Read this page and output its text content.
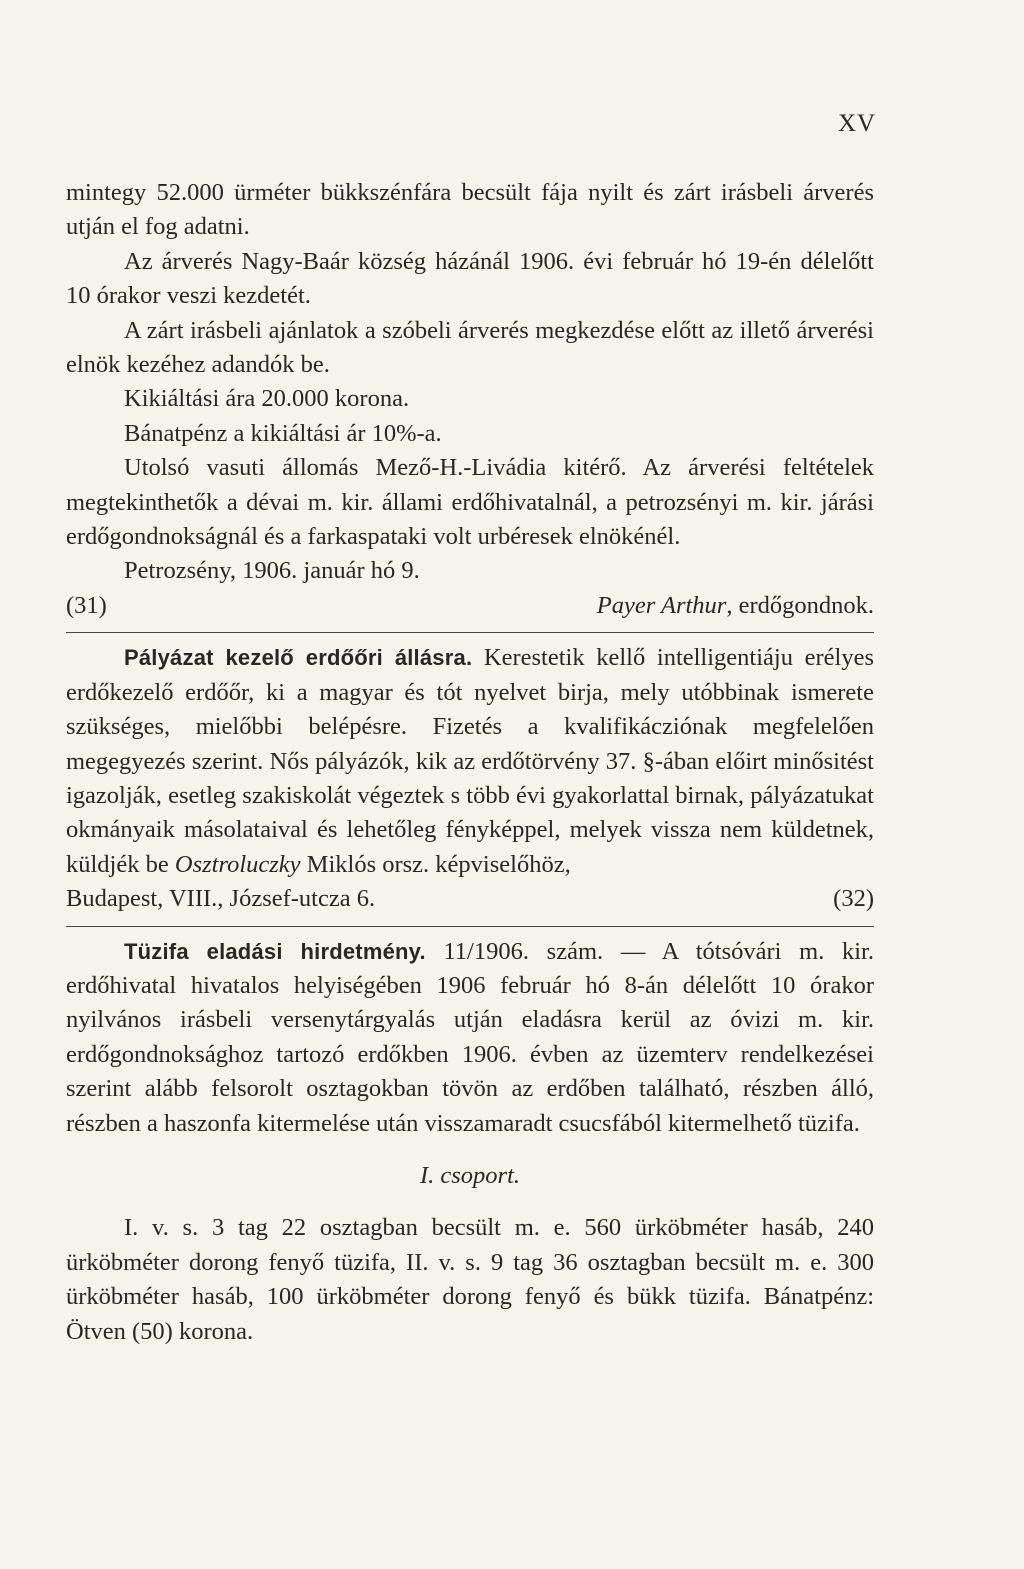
XV

mintegy 52.000 ürméter bükkszénfára becsült fája nyilt és zárt irásbeli árverés utján el fog adatni.

Az árverés Nagy-Baár község házánál 1906. évi február hó 19-én délelőtt 10 órakor veszi kezdetét.

A zárt irásbeli ajánlatok a szóbeli árverés megkezdése előtt az illető árverési elnök kezéhez adandók be.

Kikiáltási ára 20.000 korona.

Bánatpénz a kikiáltási ár 10%-a.

Utolsó vasuti állomás Mező-H.-Livádia kitérő. Az árverési feltételek megtekinthetők a dévai m. kir. állami erdőhivatalnál, a petrozsényi m. kir. járási erdőgondnokságnál és a farkaspataki volt urbéresek elnökénél.

Petrozsény, 1906. január hó 9.

(31)	Payer Arthur, erdőgondnok.

Pályázat kezelő erdőőri állásra. Kerestetik kellő intelligentiáju erélyes erdőkezelő erdőőr, ki a magyar és tót nyelvet birja, mely utóbbinak ismerete szükséges, mielőbbi belépésre. Fizetés a kvalifikácziónak megfelelően megegyezés szerint. Nős pályázók, kik az erdőtörvény 37. §-ában előirt minősitést igazolják, esetleg szakiskolát végeztek s több évi gyakorlattal birnak, pályázatukat okmányaik másolataival és lehetőleg fényképpel, melyek vissza nem küldetnek, küldjék be Osztroluczky Miklós orsz. képviselőhöz,

Budapest, VIII., József-utcza 6.	(32)

Tüzifa eladási hirdetmény. 11/1906. szám. — A tótsóvári m. kir. erdőhivatal hivatalos helyiségében 1906 február hó 8-án délelőtt 10 órakor nyilvános irásbeli versenytárgyalás utján eladásra kerül az óvizi m. kir. erdőgondnoksághoz tartozó erdőkben 1906. évben az üzemterv rendelkezései szerint alább felsorolt osztagokban tövön az erdőben található, részben álló, részben a haszonfa kitermelése után visszamaradt csucsfából kitermelhető tüzifa.

I. csoport.

I. v. s. 3 tag 22 osztagban becsült m. e. 560 ürköbméter hasáb, 240 ürköbméter dorong fenyő tüzifa, II. v. s. 9 tag 36 osztagban becsült m. e. 300 ürköbméter hasáb, 100 ürköbméter dorong fenyő és bükk tüzifa. Bánatpénz: Ötven (50) korona.
